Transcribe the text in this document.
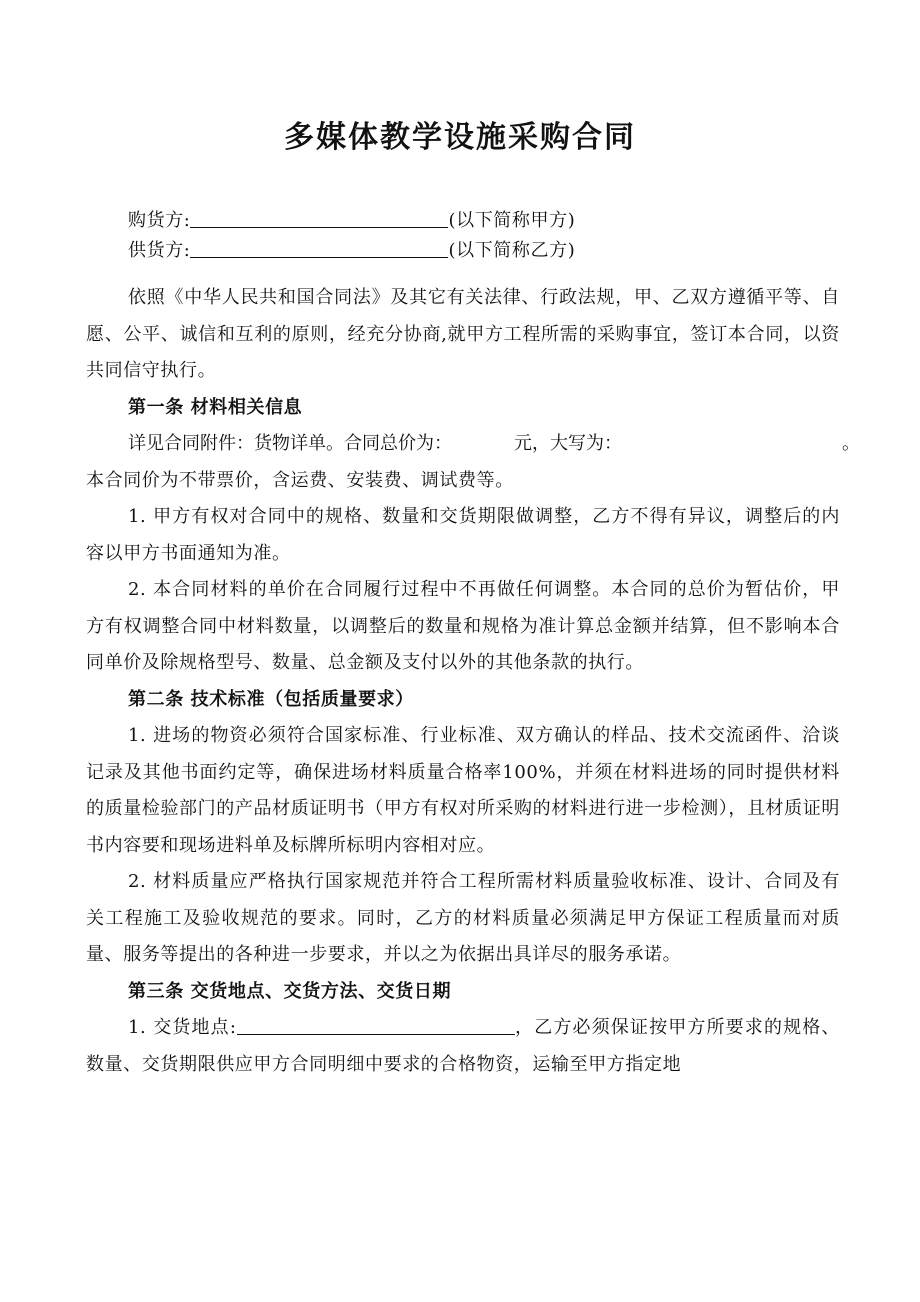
多媒体教学设施采购合同
购货方:	(以下简称甲方)
供货方:	(以下简称乙方)
依照《中华人民共和国合同法》及其它有关法律、行政法规，甲、乙双方遵循平等、自愿、公平、诚信和互利的原则，经充分协商,就甲方工程所需的采购事宜，签订本合同，以资共同信守执行。
第一条 材料相关信息
详见合同附件：货物详单。合同总价为：	元，大写为：	。
本合同价为不带票价，含运费、安装费、调试费等。
1. 甲方有权对合同中的规格、数量和交货期限做调整，乙方不得有异议，调整后的内容以甲方书面通知为准。
2. 本合同材料的单价在合同履行过程中不再做任何调整。本合同的总价为暂估价，甲方有权调整合同中材料数量，以调整后的数量和规格为准计算总金额并结算，但不影响本合同单价及除规格型号、数量、总金额及支付以外的其他条款的执行。
第二条 技术标准（包括质量要求）
1. 进场的物资必须符合国家标准、行业标准、双方确认的样品、技术交流函件、洽谈记录及其他书面约定等，确保进场材料质量合格率100%，并须在材料进场的同时提供材料的质量检验部门的产品材质证明书（甲方有权对所采购的材料进行进一步检测），且材质证明书内容要和现场进料单及标牌所标明内容相对应。
2. 材料质量应严格执行国家规范并符合工程所需材料质量验收标准、设计、合同及有关工程施工及验收规范的要求。同时，乙方的材料质量必须满足甲方保证工程质量而对质量、服务等提出的各种进一步要求，并以之为依据出具详尽的服务承诺。
第三条 交货地点、交货方法、交货日期
1. 交货地点:	，乙方必须保证按甲方所要求的规格、数量、交货期限供应甲方合同明细中要求的合格物资，运输至甲方指定地
